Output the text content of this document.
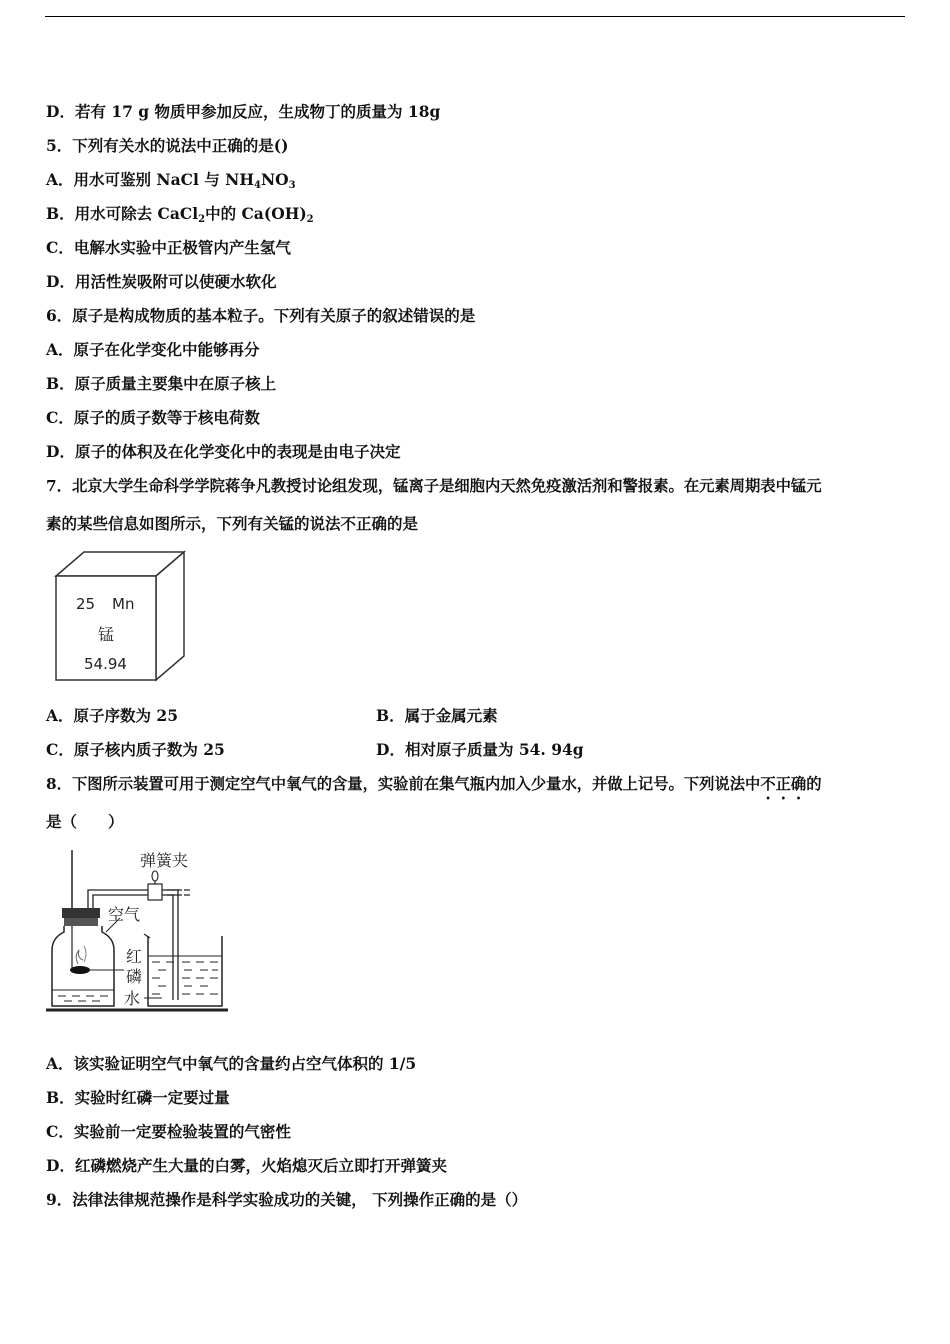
D．若有 17 g 物质甲参加反应，生成物丁的质量为 18g
5．下列有关水的说法中正确的是()
A．用水可鉴别 NaCl 与 $NH_4NO_3$
B．用水可除去 CaCl$_2$中的 $Ca(OH)_2$
C．电解水实验中正极管内产生氢气
D．用活性炭吸附可以使硬水软化
6．原子是构成物质的基本粒子。下列有关原子的叙述错误的是
A．原子在化学变化中能够再分
B．原子质量主要集中在原子核上
C．原子的质子数等于核电荷数
D．原子的体积及在化学变化中的表现是由电子决定
7．北京大学生命科学学院蒋争凡教授讨论组发现，锰离子是细胞内天然免疫激活剂和警报素。在元素周期表中锰元
素的某些信息如图所示，下列有关锰的说法不正确的是
25 Mn
锰
54.94
A．原子序数为 25	B．属于金属元素
C．原子核内质子数为 25	D．相对原子质量为 54. 94g
8．下图所示装置可用于测定空气中氧气的含量，实验前在集气瓶内加入少量水，并做上记号。下列说法中不正确的
是（　　）
弹簧夹
空气
红
磷
水
A．该实验证明空气中氧气的含量约占空气体积的 1/5
B．实验时红磷一定要过量
C．实验前一定要检验装置的气密性
D．红磷燃烧产生大量的白雾，火焰熄灭后立即打开弹簧夹
9．法律法律规范操作是科学实验成功的关键， 下列操作正确的是（）
